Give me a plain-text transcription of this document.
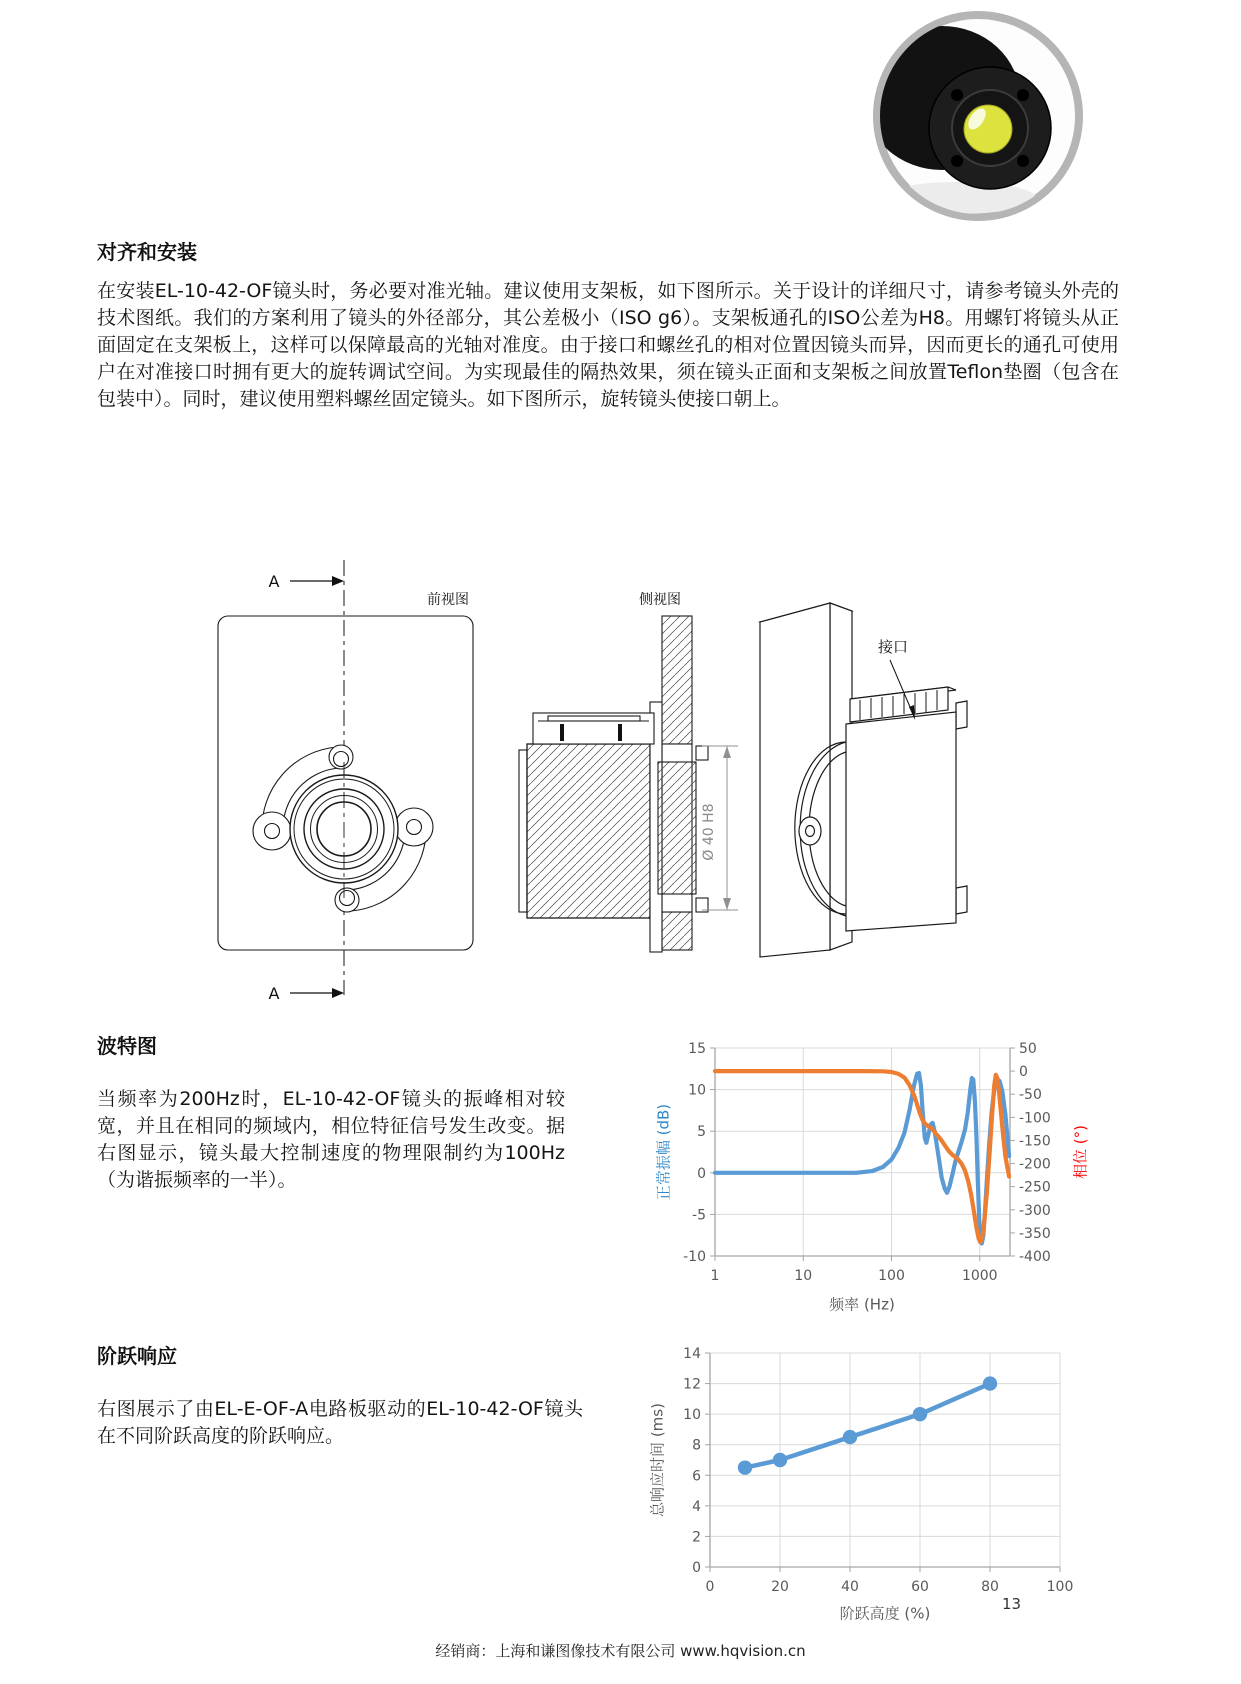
对齐和安装
在安装EL-10-42-OF镜头时，务必要对准光轴。建议使用支架板，如下图所示。关于设计的详细尺寸，请参考镜头外壳的技术图纸。我们的方案利用了镜头的外径部分，其公差极小（ISO g6）。支架板通孔的ISO公差为H8。用螺钉将镜头从正面固定在支架板上，这样可以保障最高的光轴对准度。由于接口和螺丝孔的相对位置因镜头而异，因而更长的通孔可使用户在对准接口时拥有更大的旋转调试空间。为实现最佳的隔热效果，须在镜头正面和支架板之间放置Teflon垫圈（包含在包装中）。同时，建议使用塑料螺丝固定镜头。如下图所示，旋转镜头使接口朝上。
A
A
前视图	侧视图
Ø 40 H8
接口
波特图
当频率为200Hz时，EL-10-42-OF镜头的振峰相对较宽，并且在相同的频域内，相位特征信号发生改变。据右图显示，镜头最大控制速度的物理限制约为100Hz（为谐振频率的一半）。
15
10
5
0
-5
-10
50
0
-50
-100
-150
-200
-250
-300
-350
-400
1	10	100	1000
正常振幅 (dB)	相位 (°)
频率 (Hz)
阶跃响应
右图展示了由EL-E-OF-A电路板驱动的EL-10-42-OF镜头在不同阶跃高度的阶跃响应。
0
2
4
6
8
10
12
14
0	20	40	60	80	100
总响应时间 (ms)
阶跃高度 (%)
经销商：上海和谦图像技术有限公司 www.hqvision.cn
13
